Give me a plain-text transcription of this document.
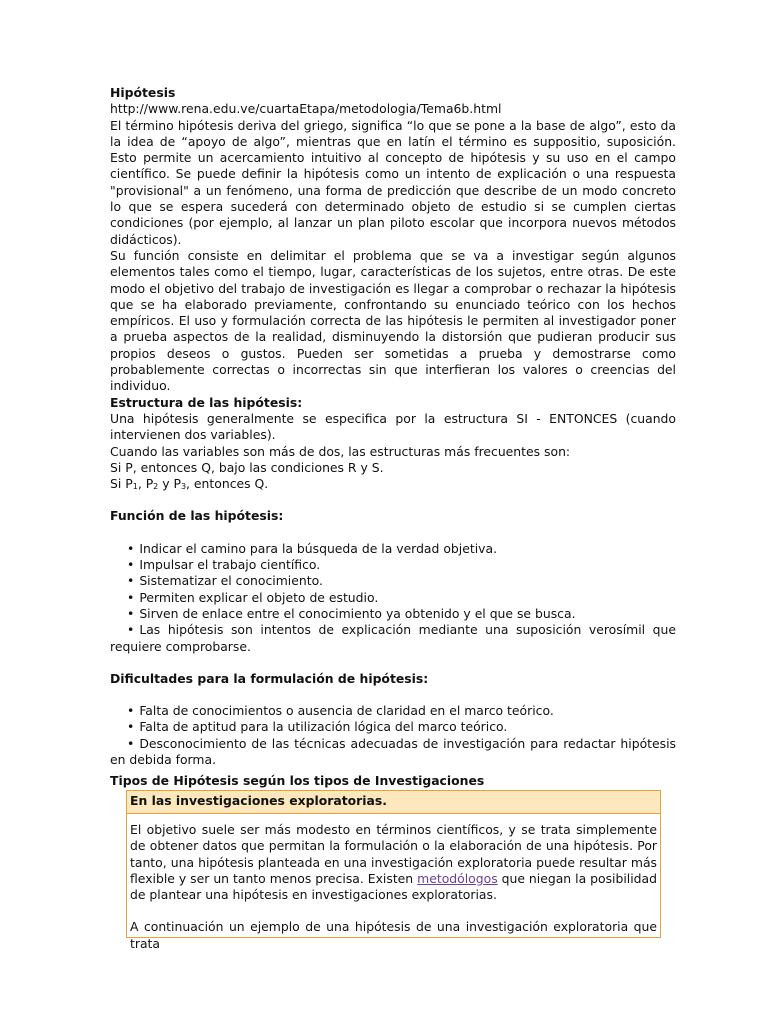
Hipótesis

http://www.rena.edu.ve/cuartaEtapa/metodologia/Tema6b.html

El término hipótesis deriva del griego, significa “lo que se pone a la base de algo”, esto da la idea de “apoyo de algo”, mientras que en latín el término es suppositio, suposición. Esto permite un acercamiento intuitivo al concepto de hipótesis y su uso en el campo científico. Se puede definir la hipótesis como un intento de explicación o una respuesta "provisional" a un fenómeno, una forma de predicción que describe de un modo concreto lo que se espera sucederá con determinado objeto de estudio si se cumplen ciertas condiciones (por ejemplo, al lanzar un plan piloto escolar que incorpora nuevos métodos didácticos).

Su función consiste en delimitar el problema que se va a investigar según algunos elementos tales como el tiempo, lugar, características de los sujetos, entre otras. De este modo el objetivo del trabajo de investigación es llegar a comprobar o rechazar la hipótesis que se ha elaborado previamente, confrontando su enunciado teórico con los hechos empíricos. El uso y formulación correcta de las hipótesis le permiten al investigador poner a prueba aspectos de la realidad, disminuyendo la distorsión que pudieran producir sus propios deseos o gustos. Pueden ser sometidas a prueba y demostrarse como probablemente correctas o incorrectas sin que interfieran los valores o creencias del individuo.

Estructura de las hipótesis:

Una hipótesis generalmente se especifica por la estructura SI - ENTONCES (cuando intervienen dos variables).

Cuando las variables son más de dos, las estructuras más frecuentes son:

Si P, entonces Q, bajo las condiciones R y S.

Si $P_1$, $P_2$ y $P_3$, entonces Q.

Función de las hipótesis:

• Indicar el camino para la búsqueda de la verdad objetiva.

• Impulsar el trabajo científico.

• Sistematizar el conocimiento.

• Permiten explicar el objeto de estudio.

• Sirven de enlace entre el conocimiento ya obtenido y el que se busca.

• Las hipótesis son intentos de explicación mediante una suposición verosímil que requiere comprobarse.

Dificultades para la formulación de hipótesis:

• Falta de conocimientos o ausencia de claridad en el marco teórico.

• Falta de aptitud para la utilización lógica del marco teórico.

• Desconocimiento de las técnicas adecuadas de investigación para redactar hipótesis en debida forma.

Tipos de Hipótesis según los tipos de Investigaciones

En las investigaciones exploratorias.

El objetivo suele ser más modesto en términos científicos, y se trata simplemente de obtener datos que permitan la formulación o la elaboración de una hipótesis. Por tanto, una hipótesis planteada en una investigación exploratoria puede resultar más flexible y ser un tanto menos precisa. Existen metodólogos que niegan la posibilidad de plantear una hipótesis en investigaciones exploratorias.

A continuación un ejemplo de una hipótesis de una investigación exploratoria que trata
